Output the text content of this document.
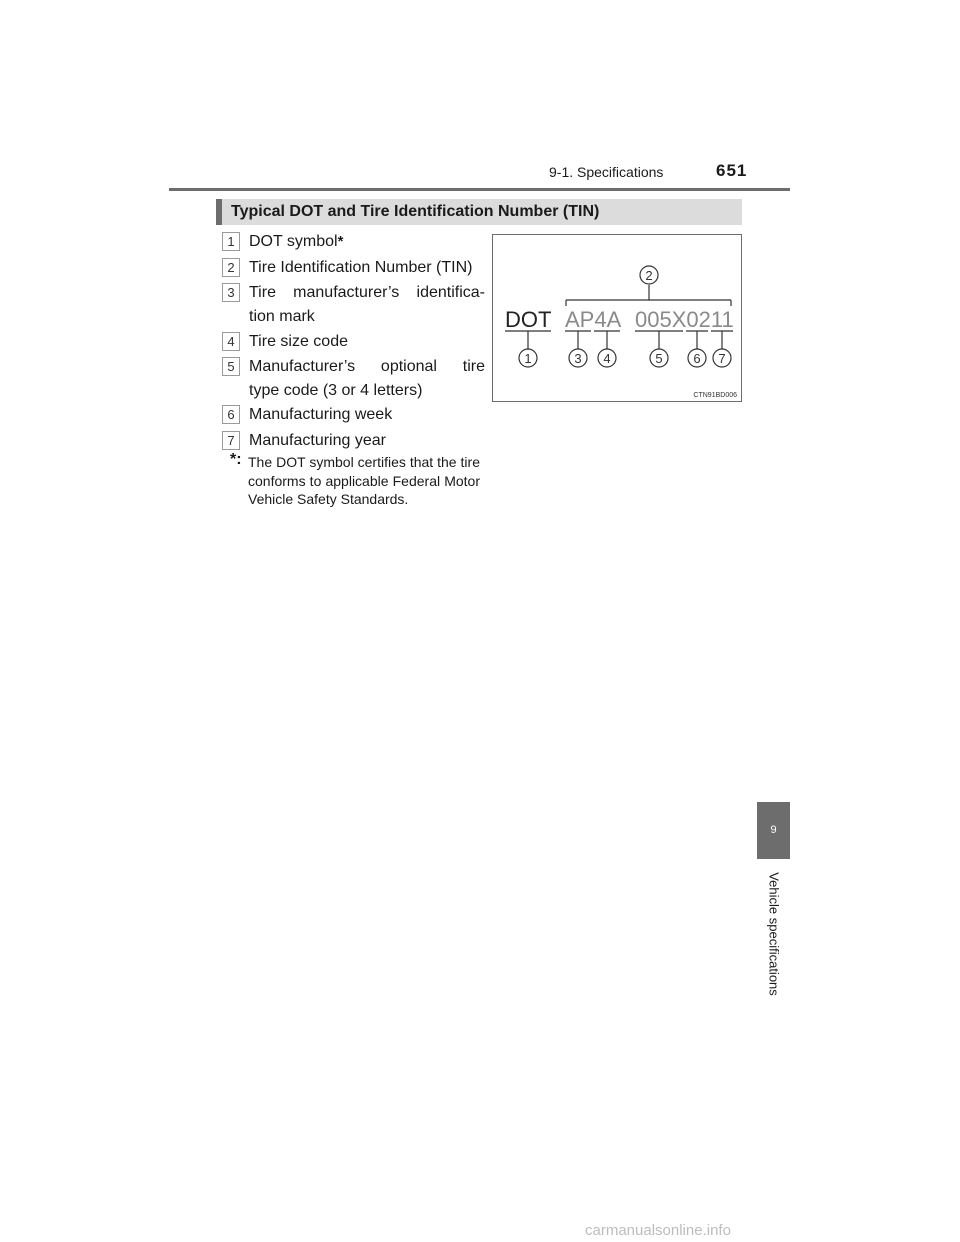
9-1. Specifications	651
Typical DOT and Tire Identification Number (TIN)
1 DOT symbol*
2 Tire Identification Number (TIN)
3 Tire manufacturer’s identifica-
tion mark
4 Tire size code
5 Manufacturer’s optional tire
type code (3 or 4 letters)
6 Manufacturing week
7 Manufacturing year
*: The DOT symbol certifies that the tire conforms to applicable Federal Motor Vehicle Safety Standards.
2
DOT AP4A 005X0211
1	3 4	5 6 7
CTN91BD006
9
Vehicle specifications
carmanualsonline.info
